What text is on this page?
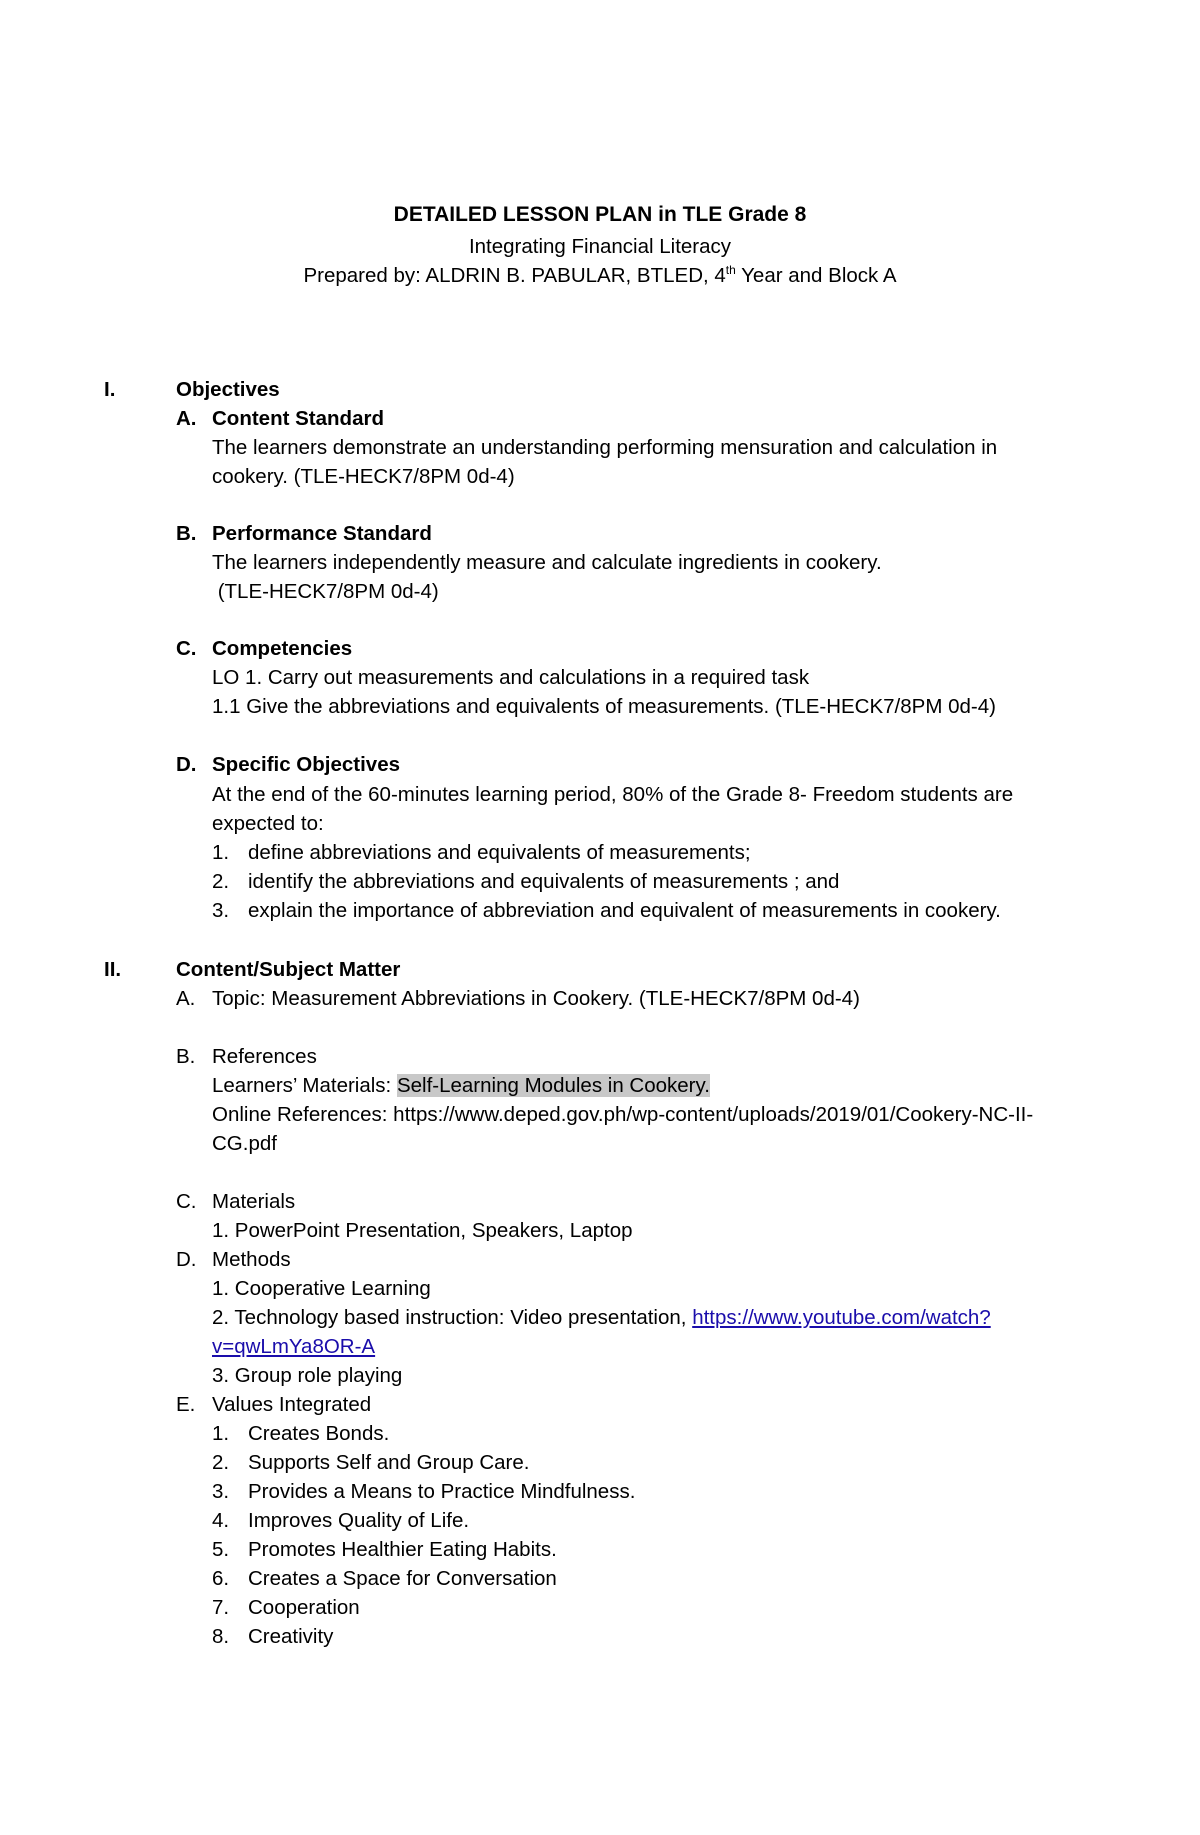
DETAILED LESSON PLAN in TLE Grade 8
Integrating Financial Literacy
Prepared by: ALDRIN B. PABULAR, BTLED, 4th Year and Block A
I.	Objectives
A. Content Standard
The learners demonstrate an understanding performing mensuration and calculation in
cookery. (TLE-HECK7/8PM 0d-4)
B. Performance Standard
The learners independently measure and calculate ingredients in cookery.
(TLE-HECK7/8PM 0d-4)
C. Competencies
LO 1. Carry out measurements and calculations in a required task
1.1 Give the abbreviations and equivalents of measurements. (TLE-HECK7/8PM 0d-4)
D. Specific Objectives
At the end of the 60-minutes learning period, 80% of the Grade 8- Freedom students are
expected to:
1. define abbreviations and equivalents of measurements;
2. identify the abbreviations and equivalents of measurements ; and
3. explain the importance of abbreviation and equivalent of measurements in cookery.
II.	Content/Subject Matter
A. Topic: Measurement Abbreviations in Cookery. (TLE-HECK7/8PM 0d-4)
B. References
Learners’ Materials: Self-Learning Modules in Cookery.
Online References: https://www.deped.gov.ph/wp-content/uploads/2019/01/Cookery-NC-II-
CG.pdf
C. Materials
1. PowerPoint Presentation, Speakers, Laptop
D. Methods
1. Cooperative Learning
2. Technology based instruction: Video presentation, https://www.youtube.com/watch?
v=qwLmYa8OR-A
3. Group role playing
E. Values Integrated
1. Creates Bonds.
2. Supports Self and Group Care.
3. Provides a Means to Practice Mindfulness.
4. Improves Quality of Life.
5. Promotes Healthier Eating Habits.
6. Creates a Space for Conversation
7. Cooperation
8. Creativity
